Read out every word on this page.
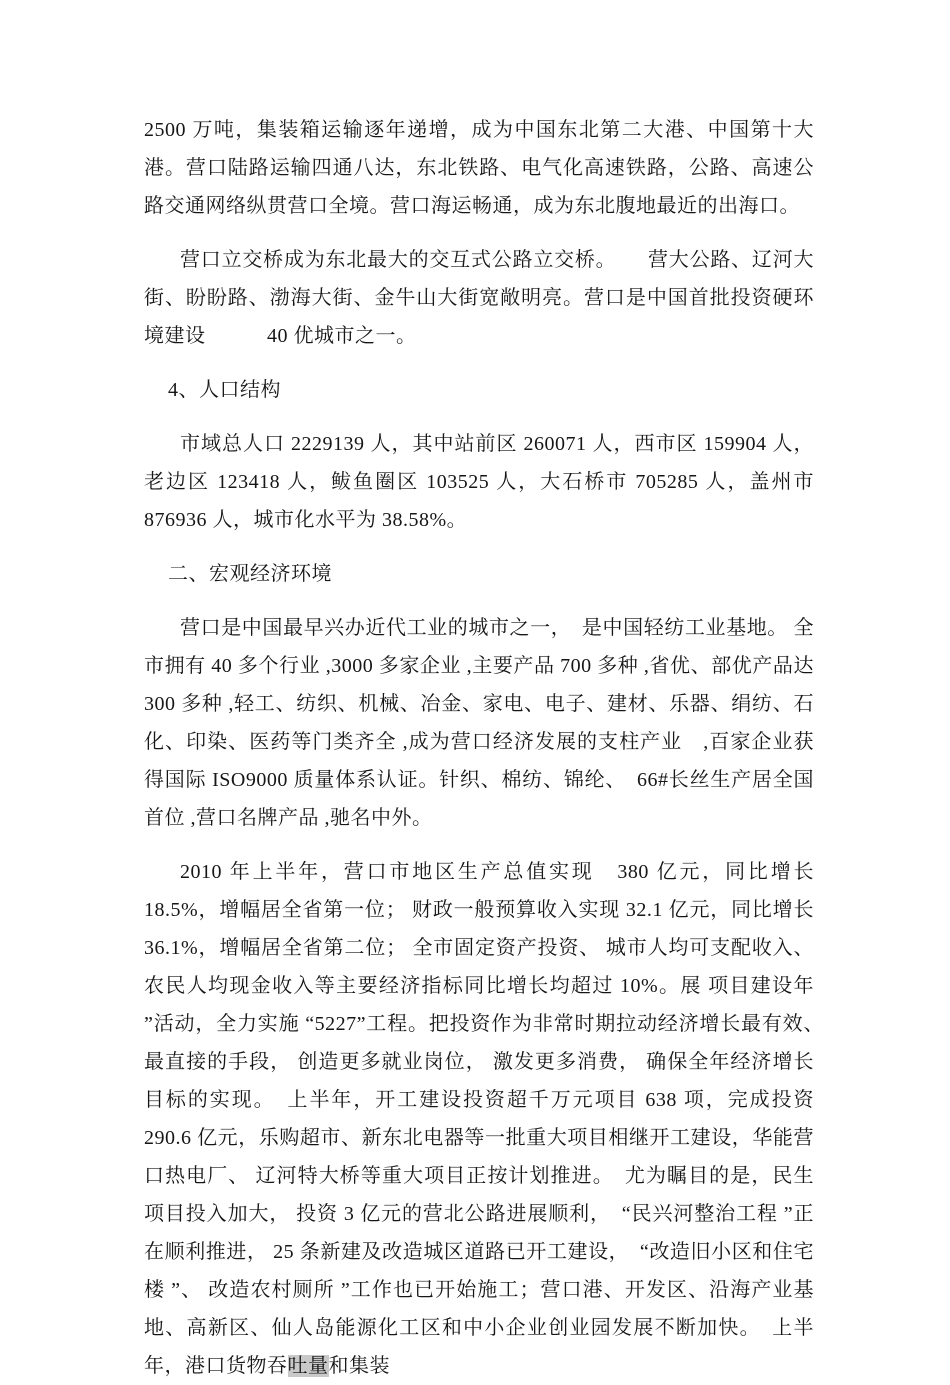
2500 万吨，集装箱运输逐年递增，成为中国东北第二大港、中国第十大港。营口陆路运输四通八达，东北铁路、电气化高速铁路，公路、高速公路交通网络纵贯营口全境。营口海运畅通，成为东北腹地最近的出海口。

营口立交桥成为东北最大的交互式公路立交桥。　　营大公路、辽河大街、盼盼路、渤海大街、金牛山大街宽敞明亮。营口是中国首批投资硬环境建设　　　40 优城市之一。

4、人口结构

市域总人口 2229139 人，其中站前区 260071 人，西市区 159904 人，老边区 123418 人，鲅鱼圈区 103525 人，大石桥市 705285 人，盖州市 876936 人，城市化水平为 38.58%。

二、宏观经济环境

营口是中国最早兴办近代工业的城市之一，　是中国轻纺工业基地。 全市拥有 40 多个行业 ,3000 多家企业 ,主要产品 700 多种 ,省优、部优产品达 300 多种 ,轻工、纺织、机械、冶金、家电、电子、建材、乐器、绢纺、石化、印染、医药等门类齐全 ,成为营口经济发展的支柱产业　,百家企业获得国际 ISO9000 质量体系认证。针织、棉纺、锦纶、　66#长丝生产居全国首位 ,营口名牌产品 ,驰名中外。

2010 年上半年，营口市地区生产总值实现　380 亿元，同比增长 18.5%，增幅居全省第一位； 财政一般预算收入实现 32.1 亿元，同比增长 36.1%，增幅居全省第二位； 全市固定资产投资、 城市人均可支配收入、 农民人均现金收入等主要经济指标同比增长均超过 10%。展 项目建设年 ”活动，全力实施 “5227”工程。把投资作为非常时期拉动经济增长最有效、　最直接的手段， 创造更多就业岗位， 激发更多消费， 确保全年经济增长目标的实现。　上半年，开工建设投资超千万元项目 638 项，完成投资 290.6 亿元，乐购超市、新东北电器等一批重大项目相继开工建设，华能营口热电厂、 辽河特大桥等重大项目正按计划推进。　尤为瞩目的是，民生项目投入加大， 投资 3 亿元的营北公路进展顺利，　“民兴河整治工程 ”正在顺利推进， 25 条新建及改造城区道路已开工建设，　“改造旧小区和住宅楼 ”、 改造农村厕所 ”工作也已开始施工；营口港、开发区、沿海产业基地、高新区、仙人岛能源化工区和中小企业创业园发展不断加快。　上半年，港口货物吞吐量和集装
